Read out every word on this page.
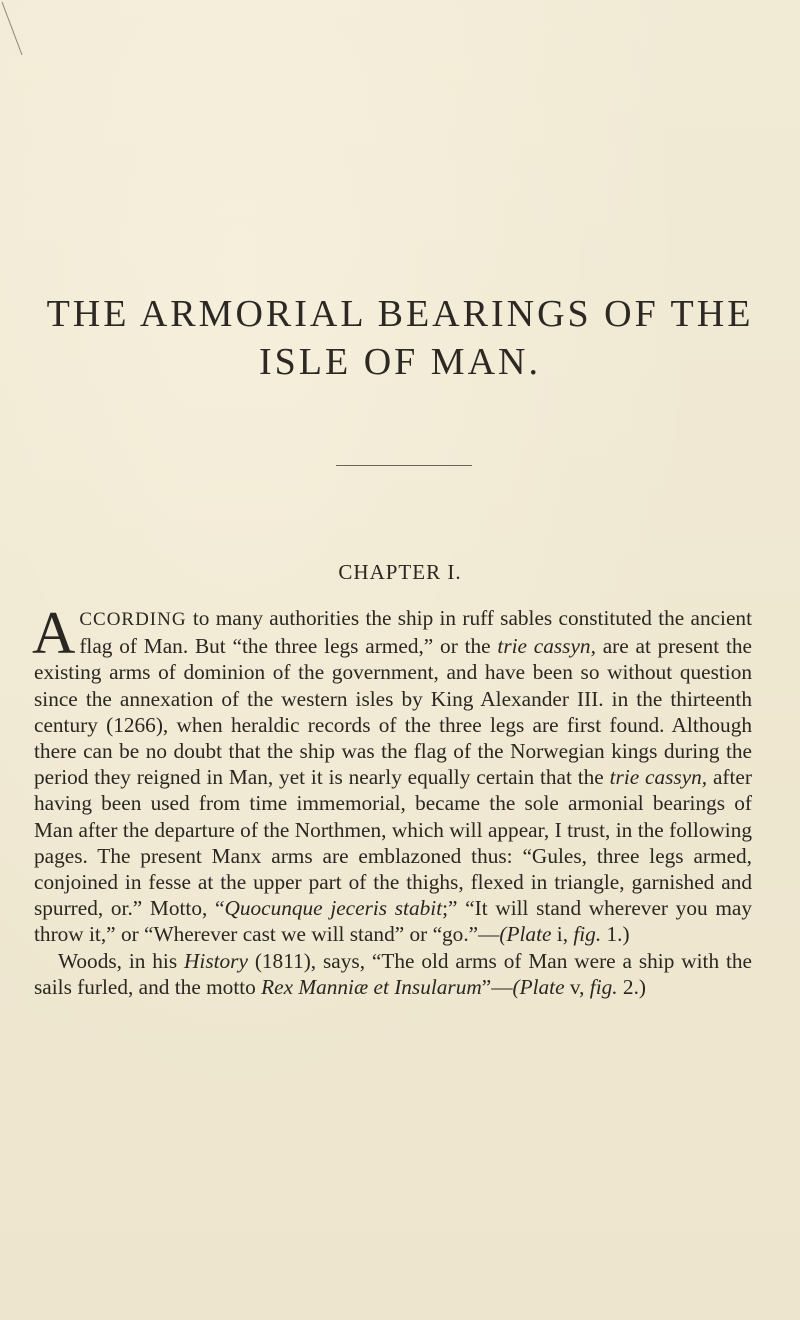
THE ARMORIAL BEARINGS OF THE
ISLE OF MAN.
CHAPTER I.

ACCORDING to many authorities the ship in ruff sables constituted the ancient flag of Man. But “the three legs armed,” or the trie cassyn, are at present the existing arms of dominion of the government, and have been so without question since the annexation of the western isles by King Alexander III. in the thirteenth century (1266), when heraldic records of the three legs are first found. Although there can be no doubt that the ship was the flag of the Norwegian kings during the period they reigned in Man, yet it is nearly equally certain that the trie cassyn, after having been used from time immemorial, became the sole armonial bearings of Man after the departure of the Northmen, which will appear, I trust, in the following pages. The present Manx arms are emblazoned thus: “Gules, three legs armed, conjoined in fesse at the upper part of the thighs, flexed in triangle, garnished and spurred, or.” Motto, “Quocunque jeceris stabit;” “It will stand wherever you may throw it,” or “Wherever cast we will stand” or “go.”—(Plate i, fig. 1.)

Woods, in his History (1811), says, “The old arms of Man were a ship with the sails furled, and the motto Rex Manniæ et Insularum”—(Plate v, fig. 2.)
